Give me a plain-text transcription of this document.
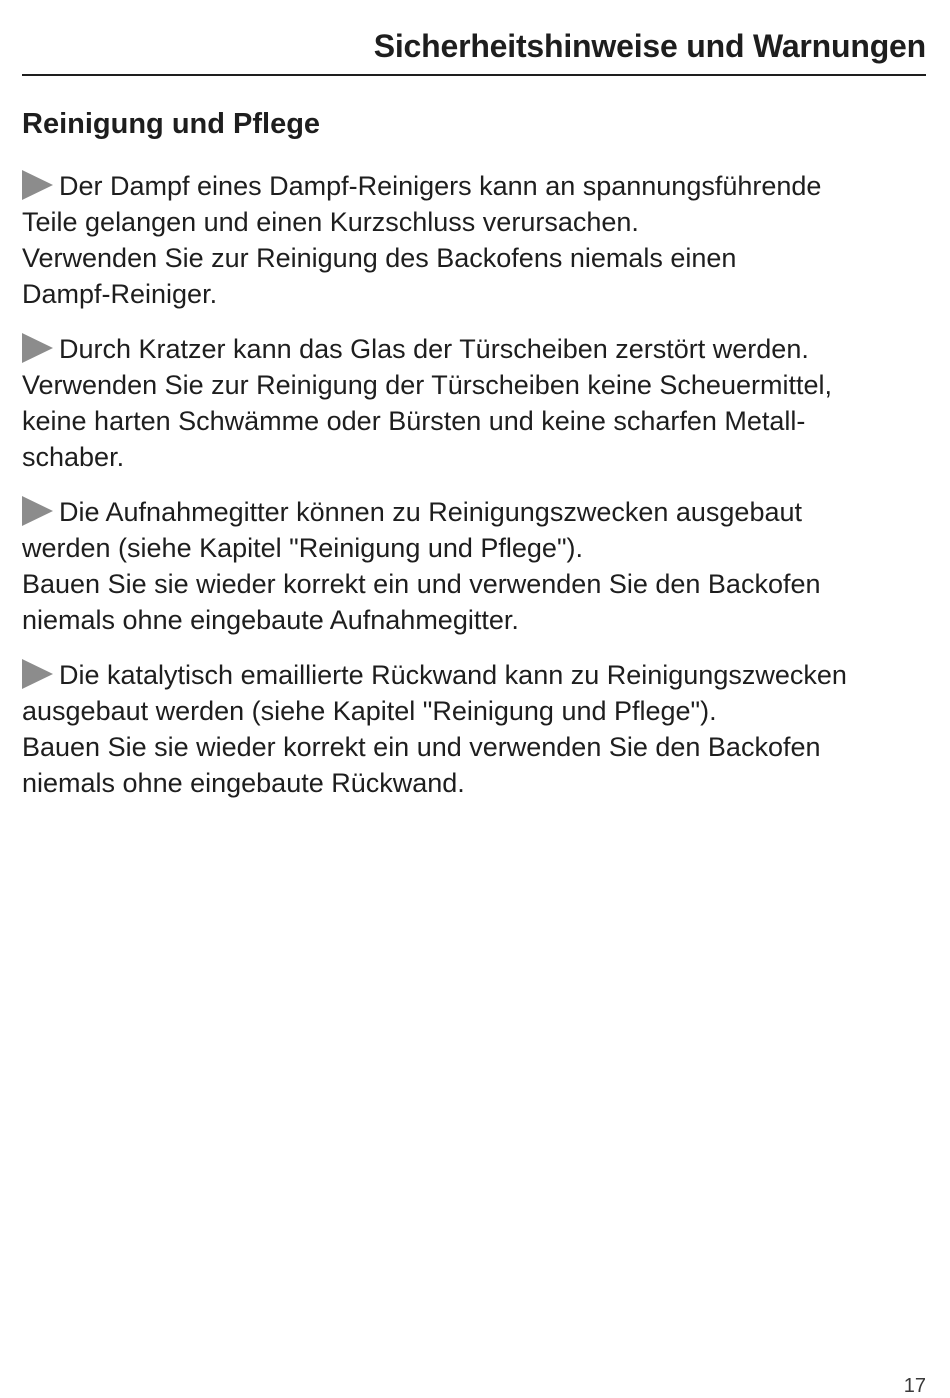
Sicherheitshinweise und Warnungen
Reinigung und Pflege

Der Dampf eines Dampf-Reinigers kann an spannungsführende
Teile gelangen und einen Kurzschluss verursachen.
Verwenden Sie zur Reinigung des Backofens niemals einen
Dampf-Reiniger.

Durch Kratzer kann das Glas der Türscheiben zerstört werden.
Verwenden Sie zur Reinigung der Türscheiben keine Scheuermittel,
keine harten Schwämme oder Bürsten und keine scharfen Metall-
schaber.

Die Aufnahmegitter können zu Reinigungszwecken ausgebaut
werden (siehe Kapitel "Reinigung und Pflege").
Bauen Sie sie wieder korrekt ein und verwenden Sie den Backofen
niemals ohne eingebaute Aufnahmegitter.

Die katalytisch emaillierte Rückwand kann zu Reinigungszwecken
ausgebaut werden (siehe Kapitel "Reinigung und Pflege").
Bauen Sie sie wieder korrekt ein und verwenden Sie den Backofen
niemals ohne eingebaute Rückwand.

17
